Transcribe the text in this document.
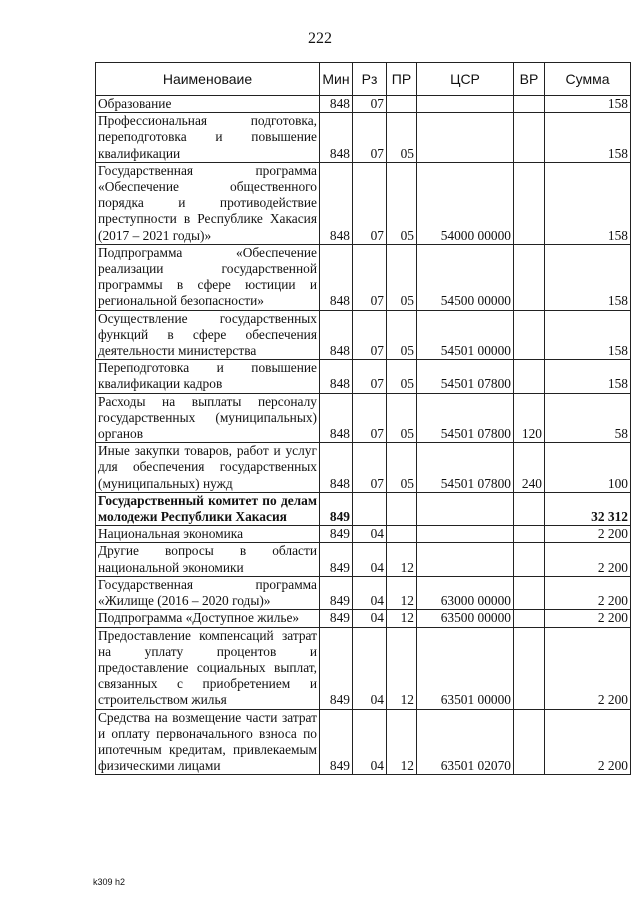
222
Наименоваие	Мин	Рз	ПР	ЦСР	ВР	Сумма
Образование	848	07				158
Профессиональная подготовка, переподготовка и повышение квалификации	848	07	05			158
Государственная программа «Обеспечение общественного порядка и противодействие преступности в Республике Хакасия (2017 – 2021 годы)»	848	07	05	54000 00000		158
Подпрограмма «Обеспечение реализации государственной программы в сфере юстиции и региональной безопасности»	848	07	05	54500 00000		158
Осуществление государственных функций в сфере обеспечения деятельности министерства	848	07	05	54501 00000		158
Переподготовка и повышение квалификации кадров	848	07	05	54501 07800		158
Расходы на выплаты персоналу государственных (муниципальных) органов	848	07	05	54501 07800	120	58
Иные закупки товаров, работ и услуг для обеспечения государственных (муниципальных) нужд	848	07	05	54501 07800	240	100
Государственный комитет по делам молодежи Республики Хакасия	849					32 312
Национальная экономика	849	04				2 200
Другие вопросы в области национальной экономики	849	04	12			2 200
Государственная программа «Жилище (2016 – 2020 годы)»	849	04	12	63000 00000		2 200
Подпрограмма «Доступное жилье»	849	04	12	63500 00000		2 200
Предоставление компенсаций затрат на уплату процентов и предоставление социальных выплат, связанных с приобретением и строительством жилья	849	04	12	63501 00000		2 200
Средства на возмещение части затрат и оплату первоначального взноса по ипотечным кредитам, привлекаемым физическими лицами	849	04	12	63501 02070		2 200
k309 h2
